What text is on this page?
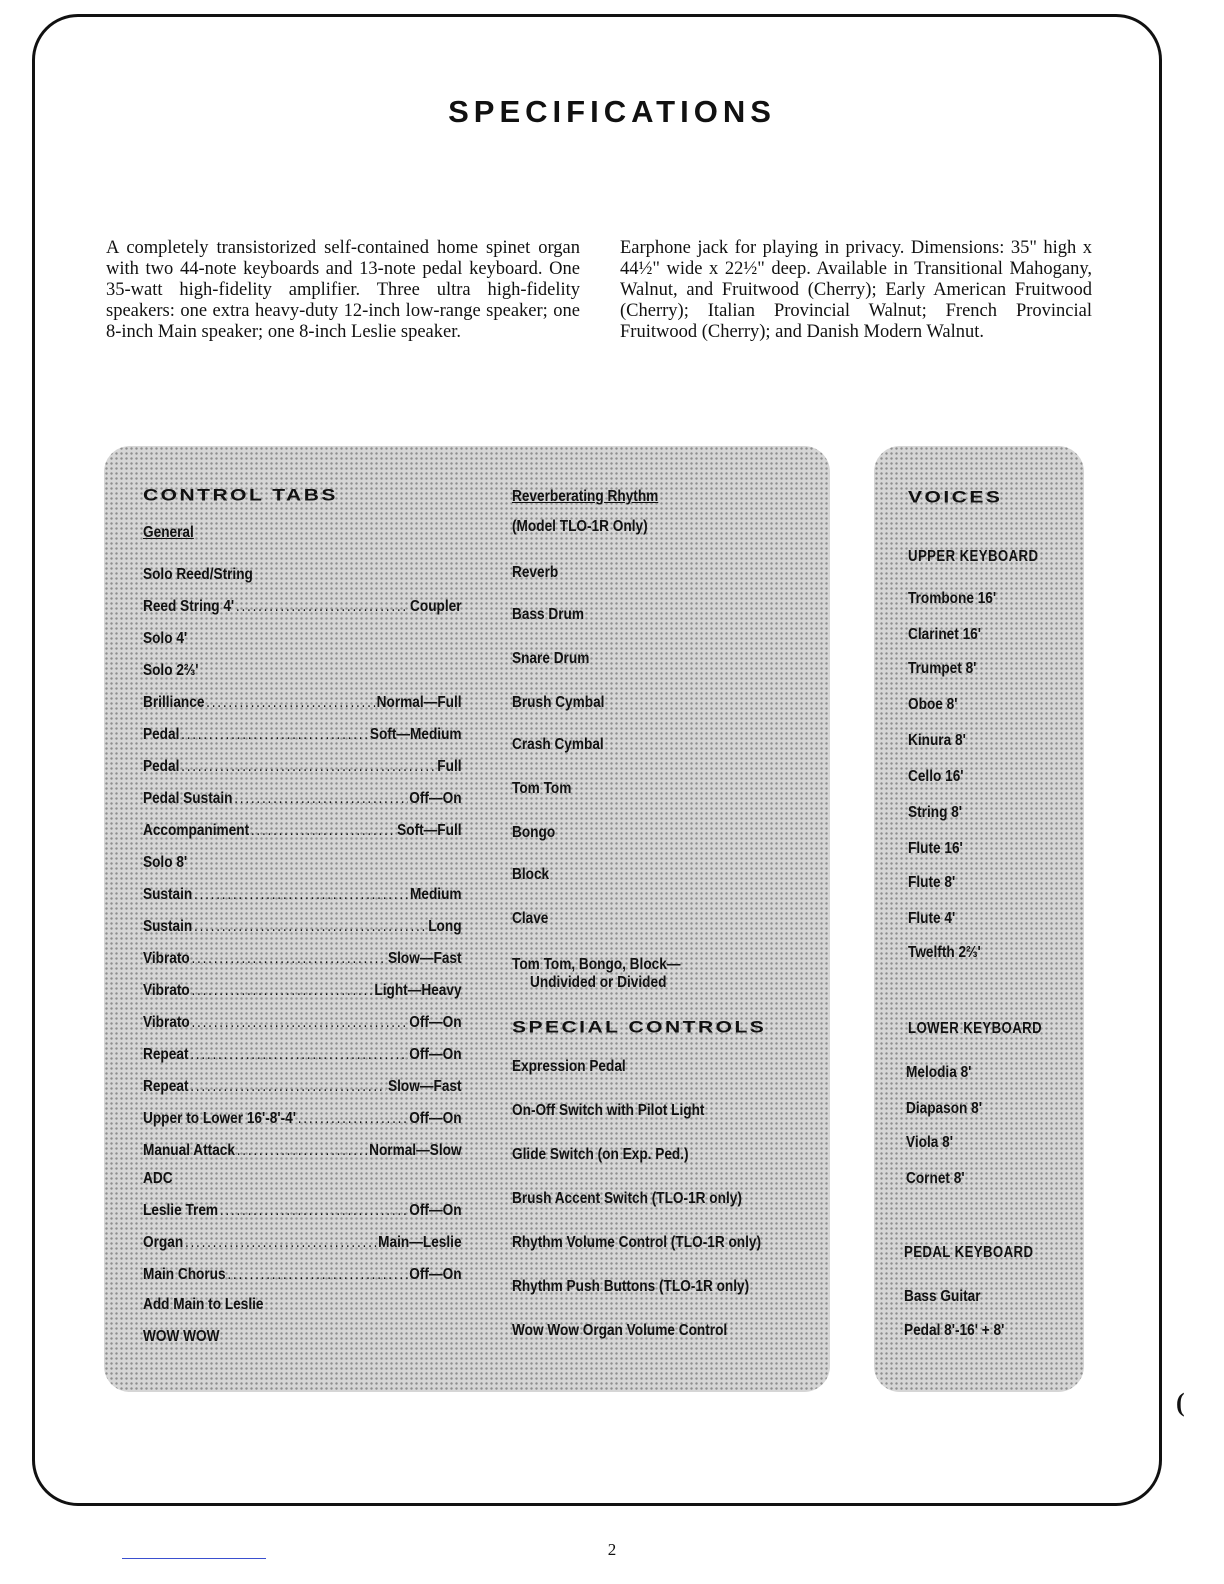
SPECIFICATIONS
A completely transistorized self-contained home spinet organ with two 44-note keyboards and 13-note pedal keyboard. One 35-watt high-fidelity amplifier. Three ultra high-fidelity speakers: one extra heavy-duty 12-inch low-range speaker; one 8-inch Main speaker; one 8-inch Leslie speaker.
Earphone jack for playing in privacy. Dimensions: 35" high x 44½" wide x 22½" deep. Available in Transitional Mahogany, Walnut, and Fruitwood (Cherry); Early American Fruitwood (Cherry); Italian Provincial Walnut; French Provincial Fruitwood (Cherry); and Danish Modern Walnut.
CONTROL TABS
General
Solo Reed/String
Reed String 4' .....	Coupler
Solo 4'
Solo 2⅔'
Brilliance .....	Normal—Full
Pedal .....	Soft—Medium
Pedal .....	Full
Pedal Sustain .....	Off—On
Accompaniment .....	Soft—Full
Solo 8'
Sustain .....	Medium
Sustain .....	Long
Vibrato .....	Slow—Fast
Vibrato .....	Light—Heavy
Vibrato .....	Off—On
Repeat .....	Off—On
Repeat .....	Slow—Fast
Upper to Lower 16'-8'-4' .....	Off—On
Manual Attack .....	Normal—Slow
ADC
Leslie Trem .....	Off—On
Organ .....	Main—Leslie
Main Chorus .....	Off—On
Add Main to Leslie
WOW WOW
Reverberating Rhythm
(Model TLO-1R Only)
Reverb
Bass Drum
Snare Drum
Brush Cymbal
Crash Cymbal
Tom Tom
Bongo
Block
Clave
Tom Tom, Bongo, Block—
Undivided or Divided
SPECIAL CONTROLS
Expression Pedal
On-Off Switch with Pilot Light
Glide Switch (on Exp. Ped.)
Brush Accent Switch (TLO-1R only)
Rhythm Volume Control (TLO-1R only)
Rhythm Push Buttons (TLO-1R only)
Wow Wow Organ Volume Control
VOICES
UPPER KEYBOARD
Trombone 16'
Clarinet 16'
Trumpet 8'
Oboe 8'
Kinura 8'
Cello 16'
String 8'
Flute 16'
Flute 8'
Flute 4'
Twelfth 2⅔'
LOWER KEYBOARD
Melodia 8'
Diapason 8'
Viola 8'
Cornet 8'
PEDAL KEYBOARD
Bass Guitar
Pedal 8'-16' + 8'
(
2
